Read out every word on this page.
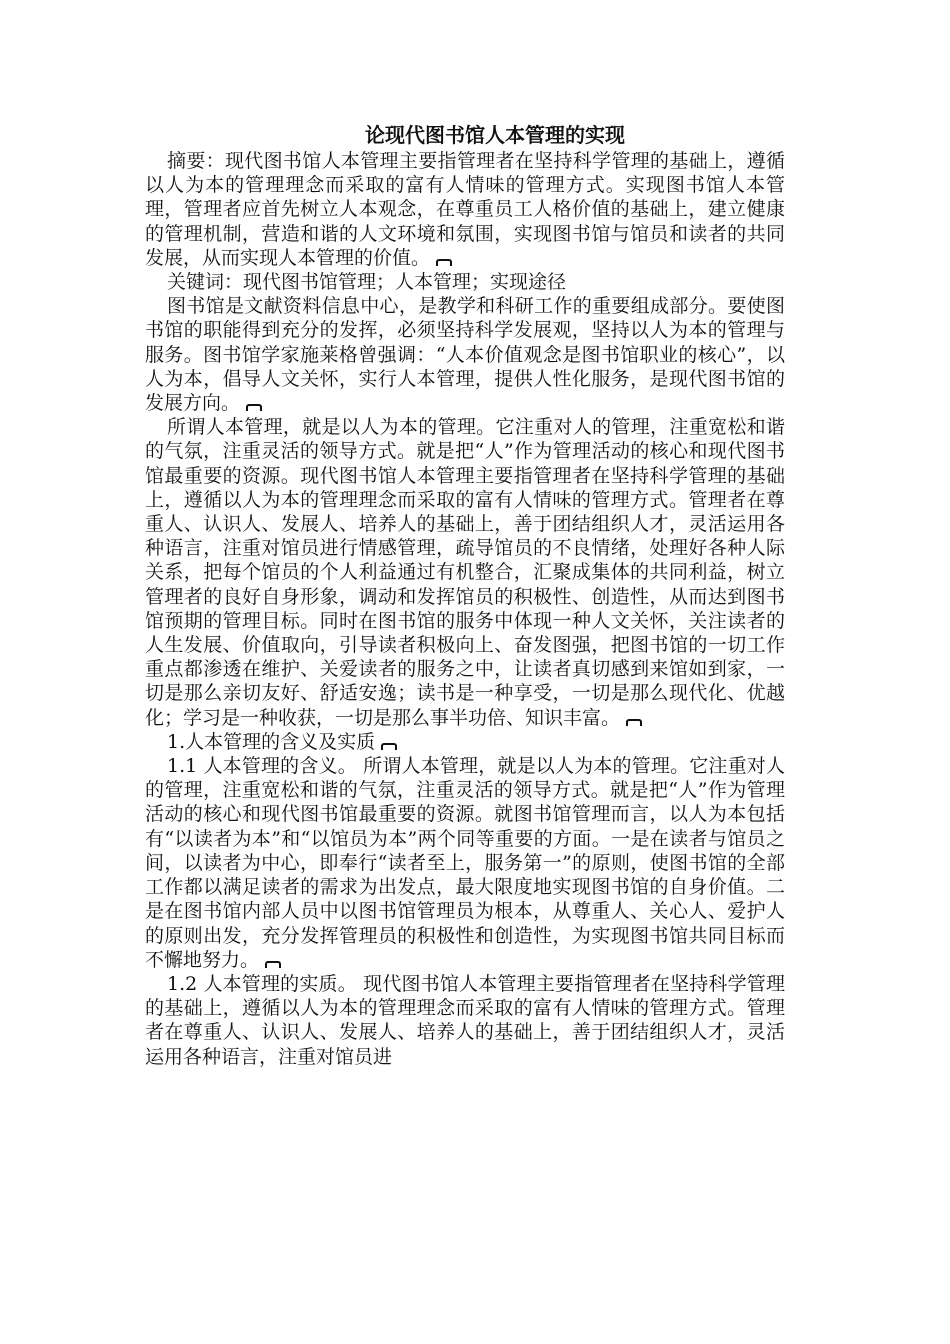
论现代图书馆人本管理的实现

摘要：现代图书馆人本管理主要指管理者在坚持科学管理的基础上，遵循以人为本的管理理念而采取的富有人情味的管理方式。实现图书馆人本管理，管理者应首先树立人本观念，在尊重员工人格价值的基础上，建立健康的管理机制，营造和谐的人文环境和氛围，实现图书馆与馆员和读者的共同发展，从而实现人本管理的价值。

关键词：现代图书馆管理；人本管理；实现途径

图书馆是文献资料信息中心，是教学和科研工作的重要组成部分。要使图书馆的职能得到充分的发挥，必须坚持科学发展观，坚持以人为本的管理与服务。图书馆学家施莱格曾强调：“人本价值观念是图书馆职业的核心”，以人为本，倡导人文关怀，实行人本管理，提供人性化服务，是现代图书馆的发展方向。

所谓人本管理，就是以人为本的管理。它注重对人的管理，注重宽松和谐的气氛，注重灵活的领导方式。就是把“人”作为管理活动的核心和现代图书馆最重要的资源。现代图书馆人本管理主要指管理者在坚持科学管理的基础上，遵循以人为本的管理理念而采取的富有人情味的管理方式。管理者在尊重人、认识人、发展人、培养人的基础上，善于团结组织人才，灵活运用各种语言，注重对馆员进行情感管理，疏导馆员的不良情绪，处理好各种人际关系，把每个馆员的个人利益通过有机整合，汇聚成集体的共同利益，树立管理者的良好自身形象，调动和发挥馆员的积极性、创造性，从而达到图书馆预期的管理目标。同时在图书馆的服务中体现一种人文关怀，关注读者的人生发展、价值取向，引导读者积极向上、奋发图强，把图书馆的一切工作重点都渗透在维护、关爱读者的服务之中，让读者真切感到来馆如到家，一切是那么亲切友好、舒适安逸；读书是一种享受，一切是那么现代化、优越化；学习是一种收获，一切是那么事半功倍、知识丰富。

1.人本管理的含义及实质

1.1 人本管理的含义。 所谓人本管理，就是以人为本的管理。它注重对人的管理，注重宽松和谐的气氛，注重灵活的领导方式。就是把“人”作为管理活动的核心和现代图书馆最重要的资源。就图书馆管理而言，以人为本包括有“以读者为本”和“以馆员为本”两个同等重要的方面。一是在读者与馆员之间，以读者为中心，即奉行“读者至上，服务第一”的原则，使图书馆的全部工作都以满足读者的需求为出发点，最大限度地实现图书馆的自身价值。二是在图书馆内部人员中以图书馆管理员为根本，从尊重人、关心人、爱护人的原则出发，充分发挥管理员的积极性和创造性，为实现图书馆共同目标而不懈地努力。

1.2 人本管理的实质。 现代图书馆人本管理主要指管理者在坚持科学管理的基础上，遵循以人为本的管理理念而采取的富有人情味的管理方式。管理者在尊重人、认识人、发展人、培养人的基础上，善于团结组织人才，灵活运用各种语言，注重对馆员进
